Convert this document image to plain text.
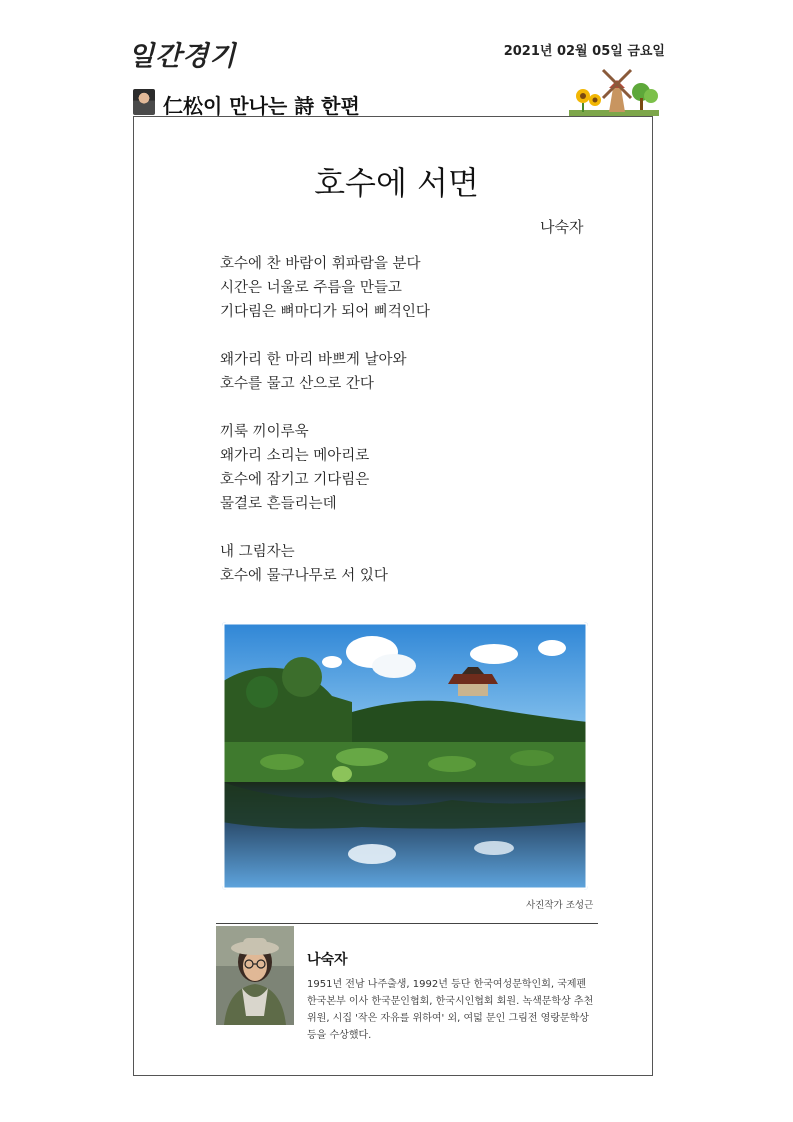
일간경기	2021년 02월 05일 금요일
仁松이 만나는 詩 한편
호수에 서면
나숙자
호수에 찬 바람이 휘파람을 분다
시간은 너울로 주름을 만들고
기다림은 뼈마디가 되어 삐걱인다
왜가리 한 마리 바쁘게 날아와
호수를 물고 산으로 간다
끼룩 끼이루욱
왜가리 소리는 메아리로
호수에 잠기고 기다림은
물결로 흔들리는데
내 그림자는
호수에 물구나무로 서 있다
사진작가 조성근
나숙자
1951년 전남 나주출생, 1992년 등단 한국여성문학인회, 국제펜 한국본부 이사 한국문인협회, 한국시인협회 회원. 녹색문학상 추천위원, 시집 '작은 자유를 위하여' 외, 여덟 문인 그림전 영랑문학상 등을 수상했다.
